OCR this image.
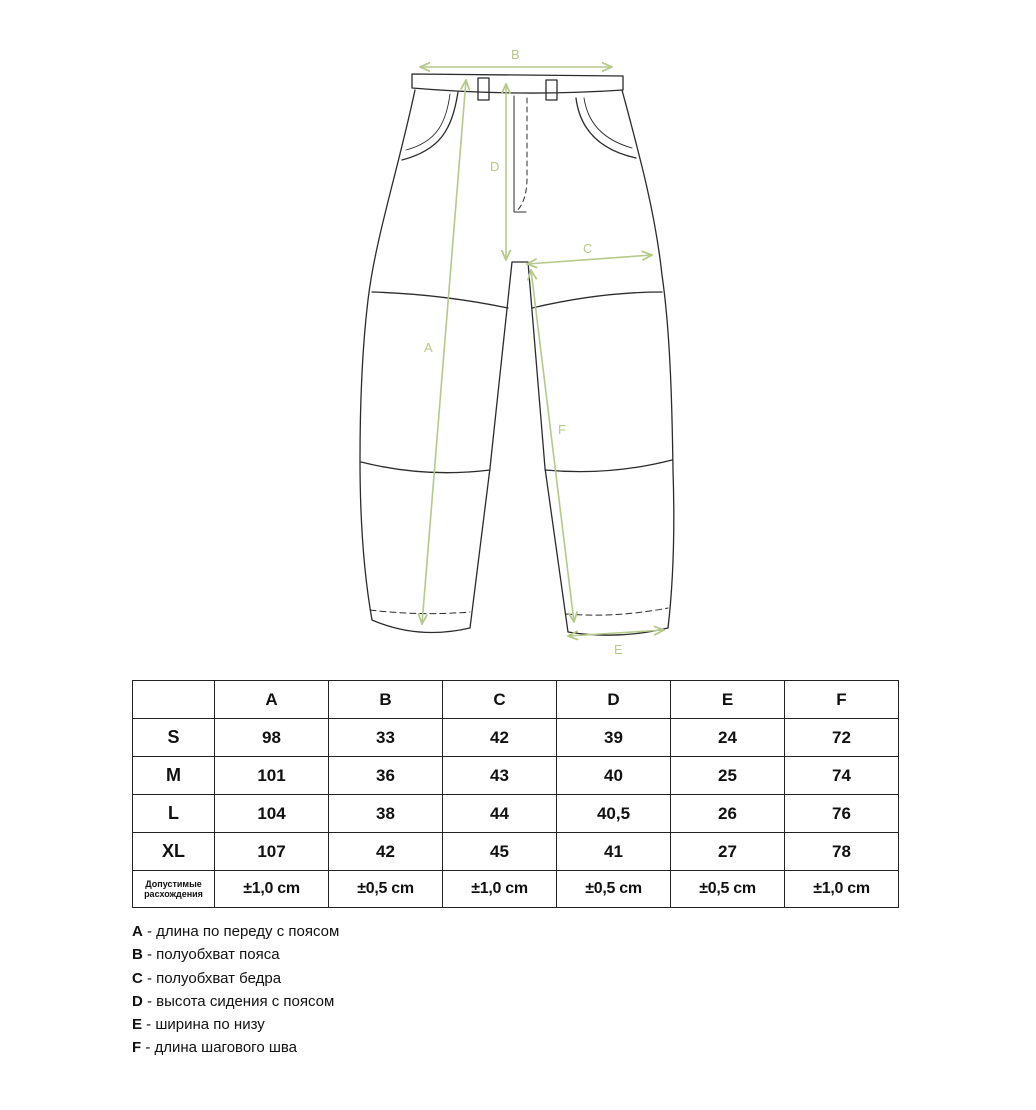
B
D
C
A
F
E
	A	B	C	D	E	F
S	98	33	42	39	24	72
M	101	36	43	40	25	74
L	104	38	44	40,5	26	76
XL	107	42	45	41	27	78
Допустимые
расхождения	±1,0 cm	±0,5 cm	±1,0 cm	±0,5 cm	±0,5 cm	±1,0 cm
A - длина по переду с поясом
B - полуобхват пояса
C - полуобхват бедра
D - высота сидения с поясом
E - ширина по низу
F - длина шагового шва
